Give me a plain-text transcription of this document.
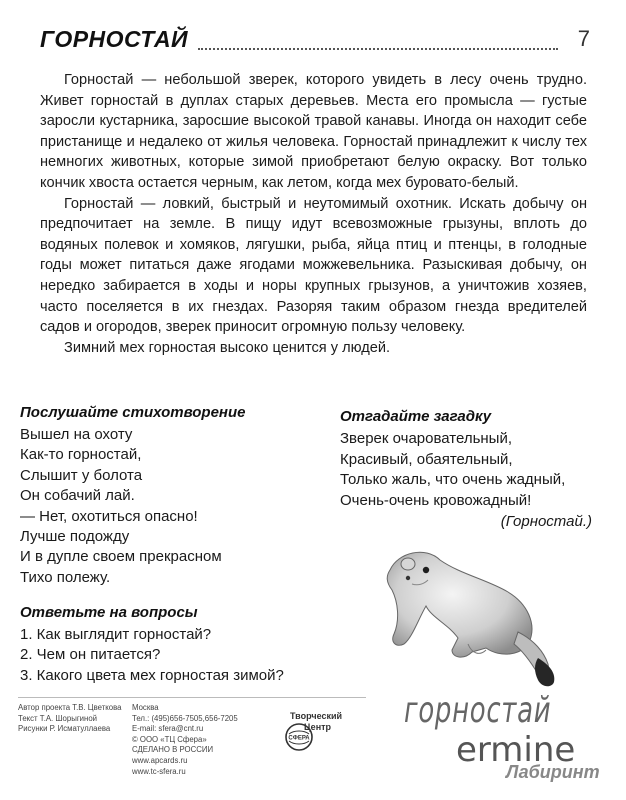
ГОРНОСТАЙ	7

Горностай — небольшой зверек, которого увидеть в лесу очень трудно. Живет горностай в дуплах старых деревьев. Места его промысла — густые заросли кустарника, заросшие высокой травой канавы. Иногда он находит себе пристанище и недалеко от жилья человека. Горностай принадлежит к числу тех немногих животных, которые зимой приобретают белую окраску. Вот только кончик хвоста остается черным, как летом, когда мех буровато-белый.

Горностай — ловкий, быстрый и неутомимый охотник. Искать добычу он предпочитает на земле. В пищу идут всевозможные грызуны, вплоть до водяных полевок и хомяков, лягушки, рыба, яйца птиц и птенцы, в голодные годы может питаться даже ягодами можжевельника. Разыскивая добычу, он нередко забирается в ходы и норы крупных грызунов, а уничтожив хозяев, часто поселяется в их гнездах. Разоряя таким образом гнезда вредителей садов и огородов, зверек приносит огромную пользу человеку.

Зимний мех горностая высоко ценится у людей.

Послушайте стихотворение
Вышел на охоту
Как-то горностай,
Слышит у болота
Он собачий лай.
— Нет, охотиться опасно!
Лучше подожду
И в дупле своем прекрасном
Тихо полежу.
Отгадайте загадку
Зверек очаровательный,
Красивый, обаятельный,
Только жаль, что очень жадный,
Очень-очень кровожадный!
(Горностай.)
Ответьте на вопросы
1. Как выглядит горностай?
2. Чем он питается?
3. Какого цвета мех горностая зимой?
горностай
ermine
Автор проекта Т.В. Цветкова
Текст Т.А. Шорыгиной
Рисунки Р. Исматуллаева
Москва
Тел.: (495)656-7505,656-7205
E-mail: sfera@cnt.ru
© ООО «ТЦ Сфера»
СДЕЛАНО В РОССИИ
www.apcards.ru
www.tc-sfera.ru
Творческий
Центр
СФЕРА
Лабиринт
